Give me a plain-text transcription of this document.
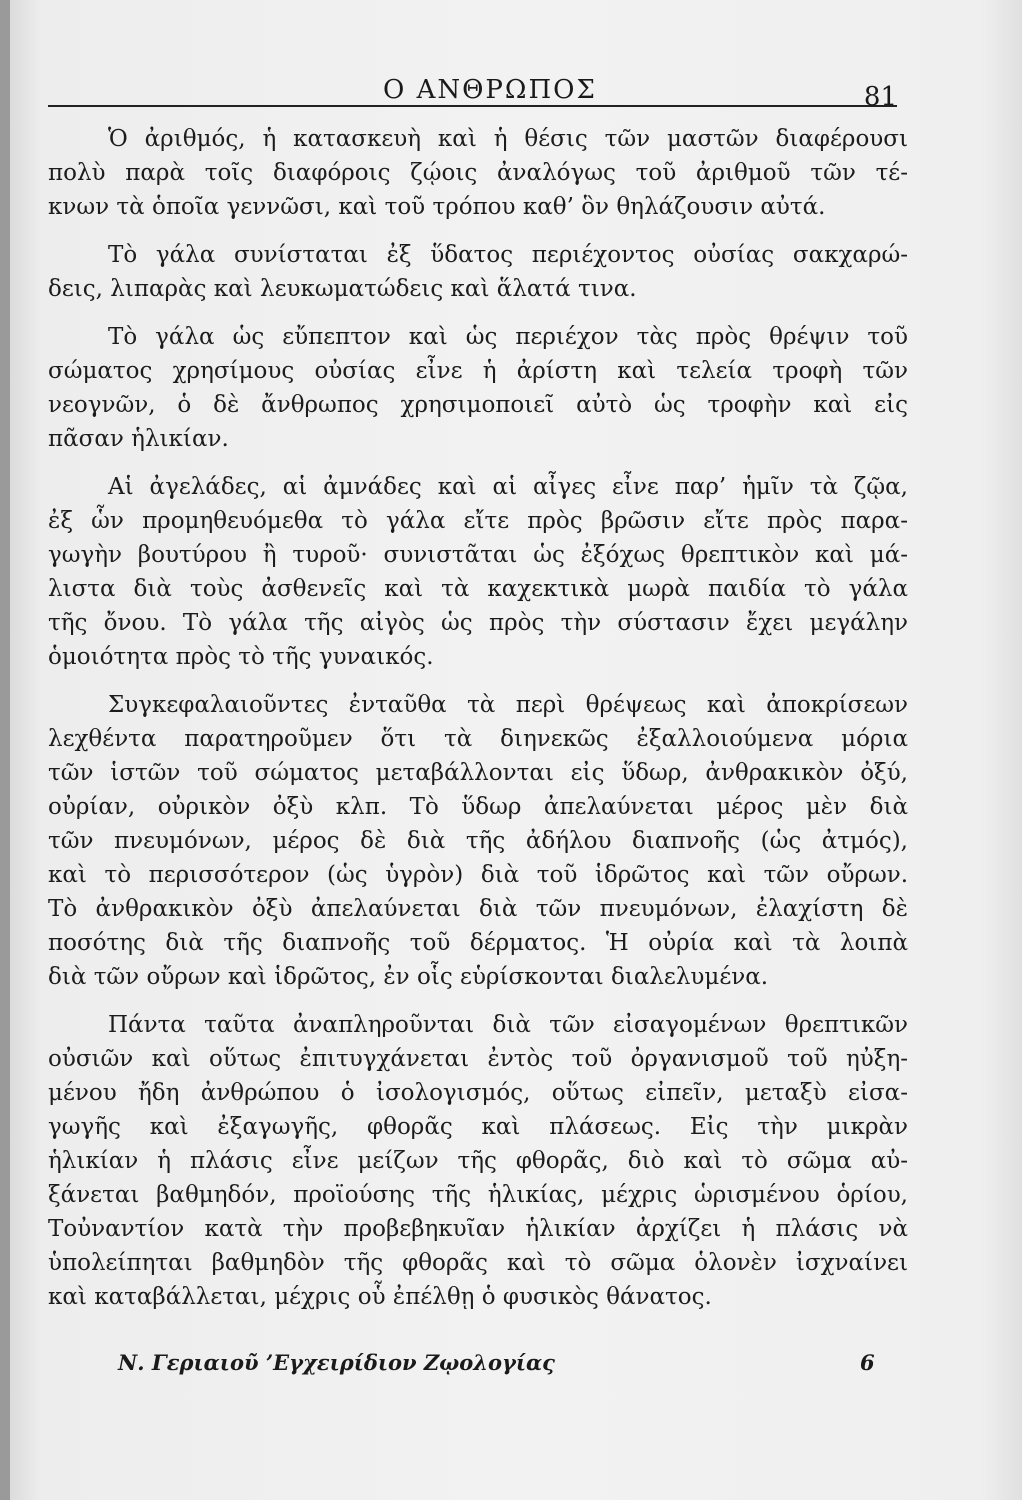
Ο ΑΝΘΡΩΠΟΣ	81
Ὁ ἀριθμός, ἡ κατασκευὴ καὶ ἡ θέσις τῶν μαστῶν διαφέρουσι
πολὺ παρὰ τοῖς διαφόροις ζῴοις ἀναλόγως τοῦ ἀριθμοῦ τῶν τέ-
κνων τὰ ὁποῖα γεννῶσι, καὶ τοῦ τρόπου καθ’ ὃν θηλάζουσιν αὐτά.
Τὸ γάλα συνίσταται ἐξ ὕδατος περιέχοντος οὐσίας σακχαρώ-
δεις, λιπαρὰς καὶ λευκωματώδεις καὶ ἅλατά τινα.
Τὸ γάλα ὡς εὔπεπτον καὶ ὡς περιέχον τὰς πρὸς θρέψιν τοῦ
σώματος χρησίμους οὐσίας εἶνε ἡ ἀρίστη καὶ τελεία τροφὴ τῶν
νεογνῶν, ὁ δὲ ἄνθρωπος χρησιμοποιεῖ αὐτὸ ὡς τροφὴν καὶ εἰς
πᾶσαν ἡλικίαν.
Αἱ ἀγελάδες, αἱ ἀμνάδες καὶ αἱ αἶγες εἶνε παρ’ ἡμῖν τὰ ζῷα,
ἐξ ὧν προμηθευόμεθα τὸ γάλα εἴτε πρὸς βρῶσιν εἴτε πρὸς παρα-
γωγὴν βουτύρου ἢ τυροῦ· συνιστᾶται ὡς ἐξόχως θρεπτικὸν καὶ μά-
λιστα διὰ τοὺς ἀσθενεῖς καὶ τὰ καχεκτικὰ μωρὰ παιδία τὸ γάλα
τῆς ὄνου. Τὸ γάλα τῆς αἰγὸς ὡς πρὸς τὴν σύστασιν ἔχει μεγάλην
ὁμοιότητα πρὸς τὸ τῆς γυναικός.
Συγκεφαλαιοῦντες ἐνταῦθα τὰ περὶ θρέψεως καὶ ἀποκρίσεων
λεχθέντα παρατηροῦμεν ὅτι τὰ διηνεκῶς ἐξαλλοιούμενα μόρια
τῶν ἱστῶν τοῦ σώματος μεταβάλλονται εἰς ὕδωρ, ἀνθρακικὸν ὀξύ,
οὐρίαν, οὐρικὸν ὀξὺ κλπ. Τὸ ὕδωρ ἀπελαύνεται μέρος μὲν διὰ
τῶν πνευμόνων, μέρος δὲ διὰ τῆς ἀδήλου διαπνοῆς (ὡς ἀτμός),
καὶ τὸ περισσότερον (ὡς ὑγρὸν) διὰ τοῦ ἱδρῶτος καὶ τῶν οὔρων.
Τὸ ἀνθρακικὸν ὀξὺ ἀπελαύνεται διὰ τῶν πνευμόνων, ἐλαχίστη δὲ
ποσότης διὰ τῆς διαπνοῆς τοῦ δέρματος. Ἡ οὐρία καὶ τὰ λοιπὰ
διὰ τῶν οὔρων καὶ ἱδρῶτος, ἐν οἷς εὑρίσκονται διαλελυμένα.
Πάντα ταῦτα ἀναπληροῦνται διὰ τῶν εἰσαγομένων θρεπτικῶν
οὐσιῶν καὶ οὕτως ἐπιτυγχάνεται ἐντὸς τοῦ ὀργανισμοῦ τοῦ ηὐξη-
μένου ἤδη ἀνθρώπου ὁ ἰσολογισμός, οὕτως εἰπεῖν, μεταξὺ εἰσα-
γωγῆς καὶ ἐξαγωγῆς, φθορᾶς καὶ πλάσεως. Εἰς τὴν μικρὰν
ἡλικίαν ἡ πλάσις εἶνε μείζων τῆς φθορᾶς, διὸ καὶ τὸ σῶμα αὐ-
ξάνεται βαθμηδόν, προϊούσης τῆς ἡλικίας, μέχρις ὡρισμένου ὁρίου,
Τοὐναντίον κατὰ τὴν προβεβηκυῖαν ἡλικίαν ἀρχίζει ἡ πλάσις νὰ
ὑπολείπηται βαθμηδὸν τῆς φθορᾶς καὶ τὸ σῶμα ὁλονὲν ἰσχναίνει
καὶ καταβάλλεται, μέχρις οὗ ἐπέλθῃ ὁ φυσικὸς θάνατος.
Ν. Γεριαιοῦ ’Εγχειρίδιον Ζῳολογίας	6
